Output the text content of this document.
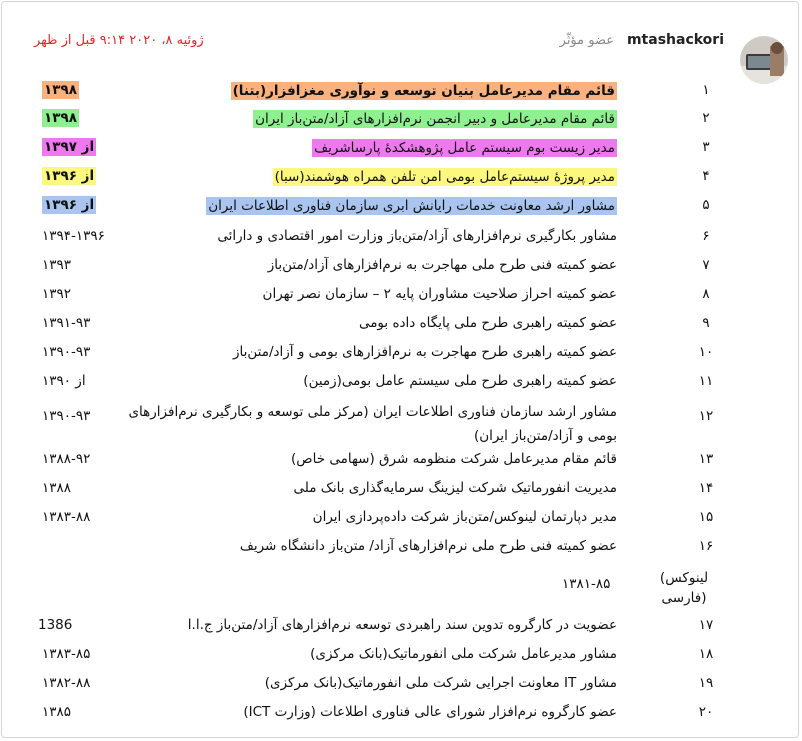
mtashackori
عضو مؤثّر
ژوئیه ۸، ۲۰۲۰ ۹:۱۴ قبل از ظهر
۱
قائم مقام مدیرعامل بنیان توسعه و نوآوری مغزافزار(بتنا)
۱۳۹۸
۲
قائم مقام مدیرعامل و دبیر انجمن نرم‌افزارهای آزاد/متن‌باز ایران
۱۳۹۸
۳
مدیر زیست بوم سیستم عامل پژوهشکدهٔ پارساشریف
از ۱۳۹۷
۴
مدیر پروژهٔ سیستم‌عامل بومی امن تلفن همراه هوشمند(سبا)
از ۱۳۹۶
۵
مشاور ارشد معاونت خدمات رایانش ابری سازمان فناوری اطلاعات ایران
از ۱۳۹۶
۶
مشاور بکارگیری نرم‌افزارهای آزاد/متن‌باز وزارت امور اقتصادی و دارائی
۱۳۹۴-۱۳۹۶
۷
عضو کمیته فنی طرح ملی مهاجرت به نرم‌افزارهای آزاد/متن‌باز
۱۳۹۳
۸
عضو کمیته احراز صلاحیت مشاوران پایه ۲ – سازمان نصر تهران
۱۳۹۲
۹
عضو کمیته راهبری طرح ملی پایگاه داده بومی
۱۳۹۱-۹۳
۱۰
عضو کمیته راهبری طرح مهاجرت به نرم‌افزارهای بومی و آزاد/متن‌باز
۱۳۹۰-۹۳
۱۱
عضو کمیته راهبری طرح ملی سیستم عامل بومی(زمین)
از ۱۳۹۰
۱۲
مشاور ارشد سازمان فناوری اطلاعات ایران (مرکز ملی توسعه و بکارگیری نرم‌افزارهای بومی و آزاد/متن‌باز ایران)
۱۳۹۰-۹۳
۱۳
قائم مقام مدیرعامل شرکت منظومه شرق (سهامی خاص)
۱۳۸۸-۹۲
۱۴
مدیریت انفورماتیک شرکت لیزینگ سرمایه‌گذاری بانک ملی
۱۳۸۸
۱۵
مدیر دپارتمان لینوکس/متن‌باز شرکت داده‌پردازی ایران
۱۳۸۳-۸۸
۱۶
عضو کمیته فنی طرح ملی نرم‌افزارهای آزاد/ متن‌باز دانشگاه شریف
(لینوکس فارسی)
۱۳۸۱-۸۵
۱۷
عضویت در کارگروه تدوین سند راهبردی توسعه نرم‌افزارهای آزاد/متن‌باز ج.ا.ا
1386
۱۸
مشاور مدیرعامل شرکت ملی انفورماتیک(بانک مرکزی)
۱۳۸۳-۸۵
۱۹
مشاور IT معاونت اجرایی شرکت ملی انفورماتیک(بانک مرکزی)
۱۳۸۲-۸۸
۲۰
عضو کارگروه نرم‌افزار شورای عالی فناوری اطلاعات (وزارت ICT)
۱۳۸۵
